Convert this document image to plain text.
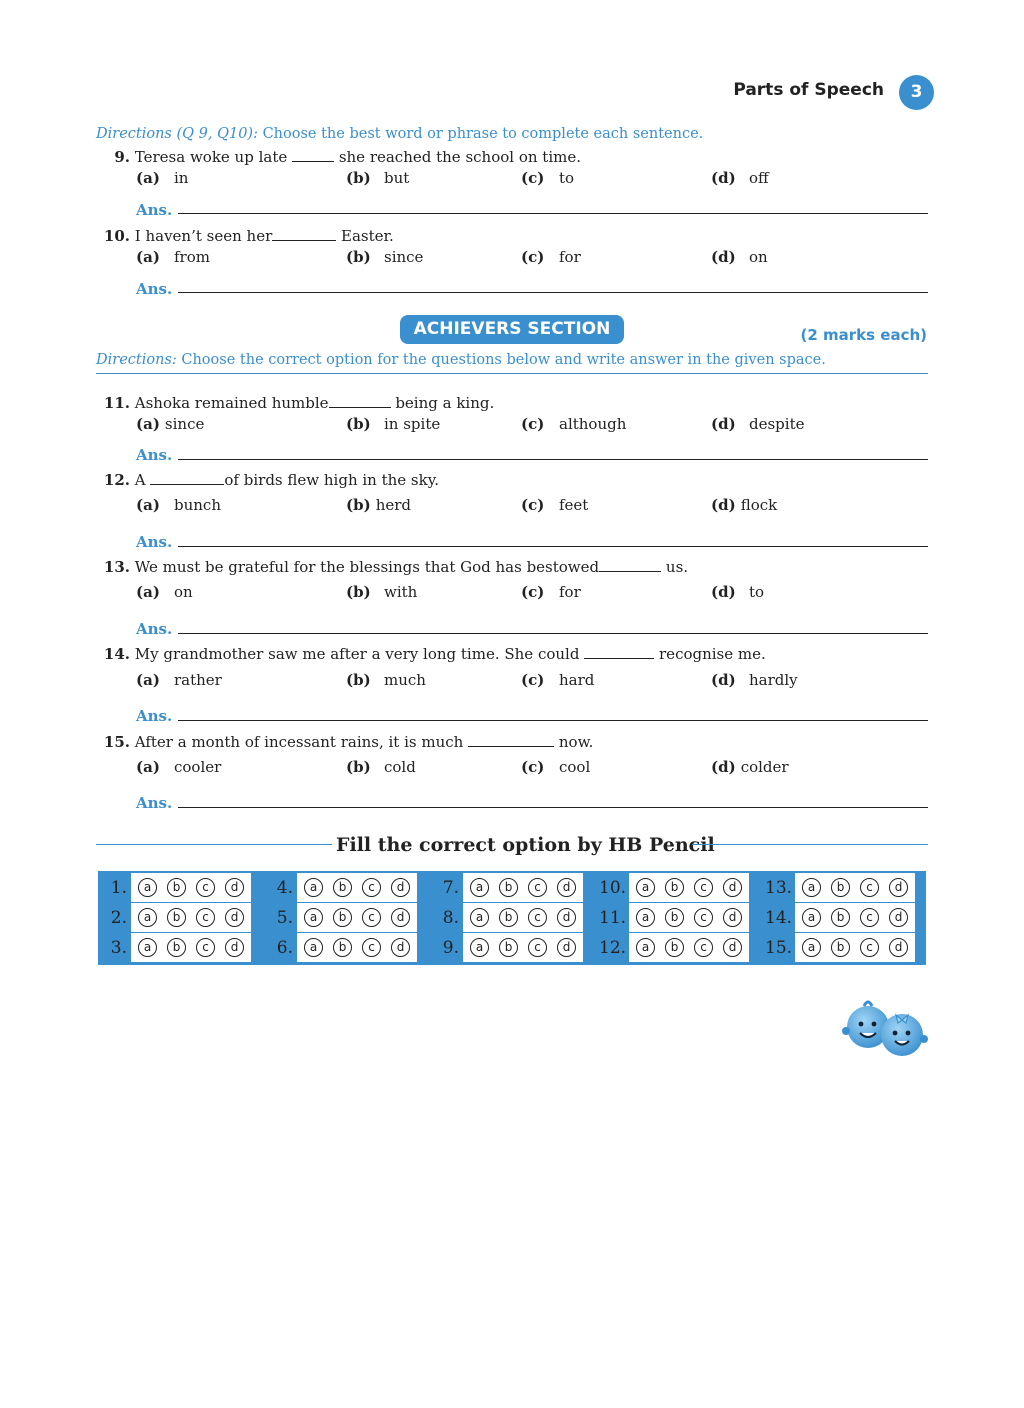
Parts of Speech	3
Directions (Q 9, Q10): Choose the best word or phrase to complete each sentence.
9. Teresa woke up late	she reached the school on time.
(a) in	(b) but	(c) to	(d) off
Ans.
10. I haven’t seen her	Easter.
(a) from	(b) since	(c) for	(d) on
Ans.
ACHIEVERS SECTION	(2 marks each)
Directions: Choose the correct option for the questions below and write answer in the given space.
11. Ashoka remained humble	being a king.
(a) since	(b) in spite	(c) although	(d) despite
Ans.
12. A	of birds flew high in the sky.
(a) bunch	(b) herd	(c) feet	(d) flock
Ans.
13. We must be grateful for the blessings that God has bestowed	us.
(a) on	(b) with	(c) for	(d) to
Ans.
14. My grandmother saw me after a very long time. She could	recognise me.
(a) rather	(b) much	(c) hard	(d) hardly
Ans.
15. After a month of incessant rains, it is much	now.
(a) cooler	(b) cold	(c) cool	(d) colder
Ans.
Fill the correct option by HB Pencil
1.	a	b	c	d
2.	a	b	c	d
3.	a	b	c	d
4.	a	b	c	d
5.	a	b	c	d
6.	a	b	c	d
7.	a	b	c	d
8.	a	b	c	d
9.	a	b	c	d
10.	a	b	c	d
11.	a	b	c	d
12.	a	b	c	d
13.	a	b	c	d
14.	a	b	c	d
15.	a	b	c	d
